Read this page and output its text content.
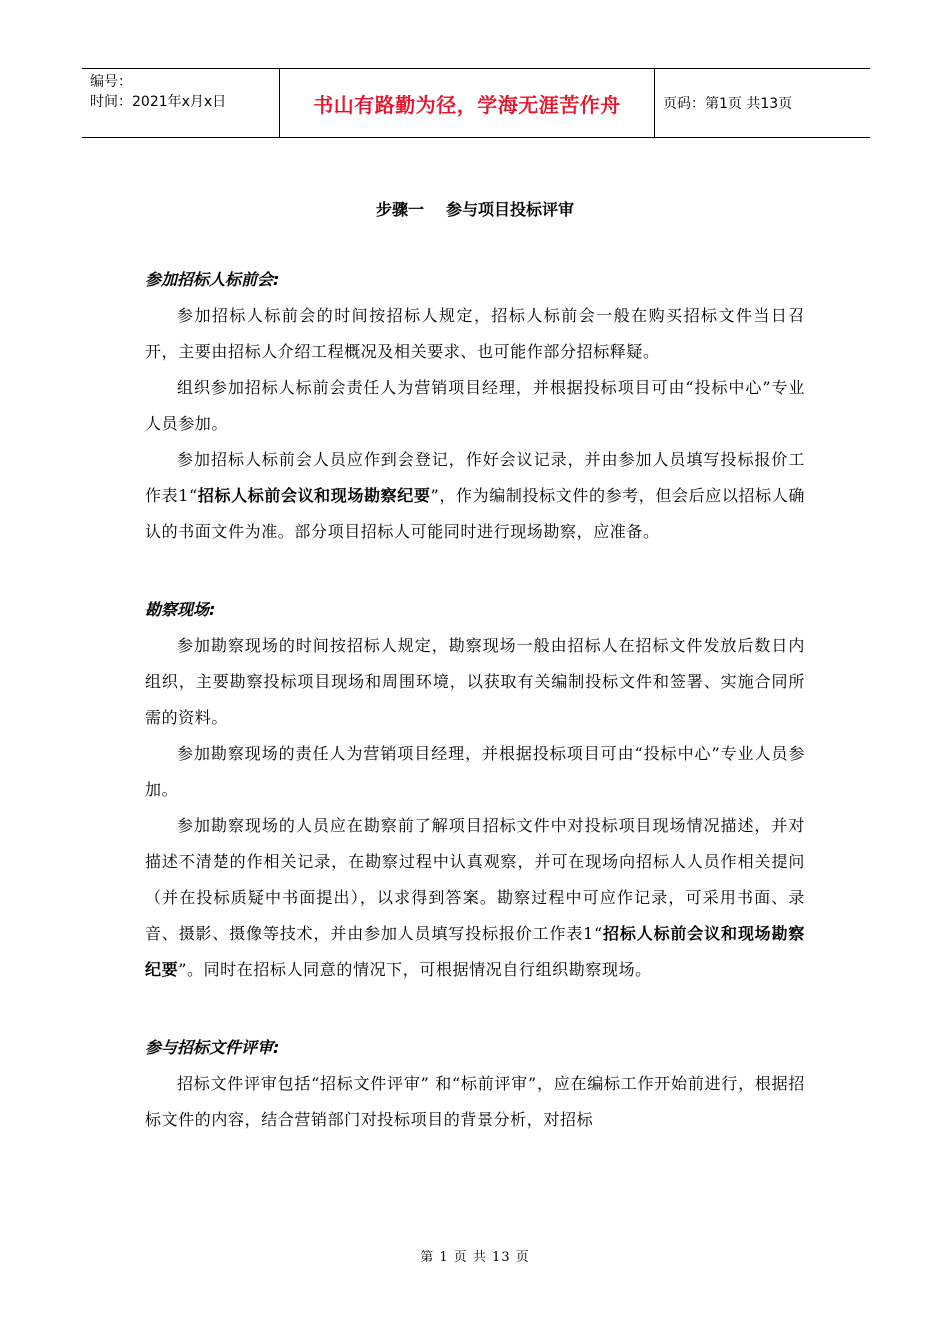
编号：
时间：2021年x月x日	书山有路勤为径，学海无涯苦作舟	页码：第1页 共13页
步骤一 参与项目投标评审

参加招标人标前会:

参加招标人标前会的时间按招标人规定，招标人标前会一般在购买招标文件当日召开，主要由招标人介绍工程概况及相关要求、也可能作部分招标释疑。

组织参加招标人标前会责任人为营销项目经理，并根据投标项目可由“投标中心”专业人员参加。

参加招标人标前会人员应作到会登记，作好会议记录，并由参加人员填写投标报价工作表1“招标人标前会议和现场勘察纪要”，作为编制投标文件的参考，但会后应以招标人确认的书面文件为准。部分项目招标人可能同时进行现场勘察，应准备。

勘察现场:

参加勘察现场的时间按招标人规定，勘察现场一般由招标人在招标文件发放后数日内组织，主要勘察投标项目现场和周围环境，以获取有关编制投标文件和签署、实施合同所需的资料。

参加勘察现场的责任人为营销项目经理，并根据投标项目可由“投标中心”专业人员参加。

参加勘察现场的人员应在勘察前了解项目招标文件中对投标项目现场情况描述，并对描述不清楚的作相关记录，在勘察过程中认真观察，并可在现场向招标人人员作相关提问（并在投标质疑中书面提出），以求得到答案。勘察过程中可应作记录，可采用书面、录音、摄影、摄像等技术，并由参加人员填写投标报价工作表1“招标人标前会议和现场勘察纪要”。同时在招标人同意的情况下，可根据情况自行组织勘察现场。

参与招标文件评审:

招标文件评审包括“招标文件评审” 和“标前评审”，应在编标工作开始前进行，根据招标文件的内容，结合营销部门对投标项目的背景分析，对招标

第 1 页 共 13 页
